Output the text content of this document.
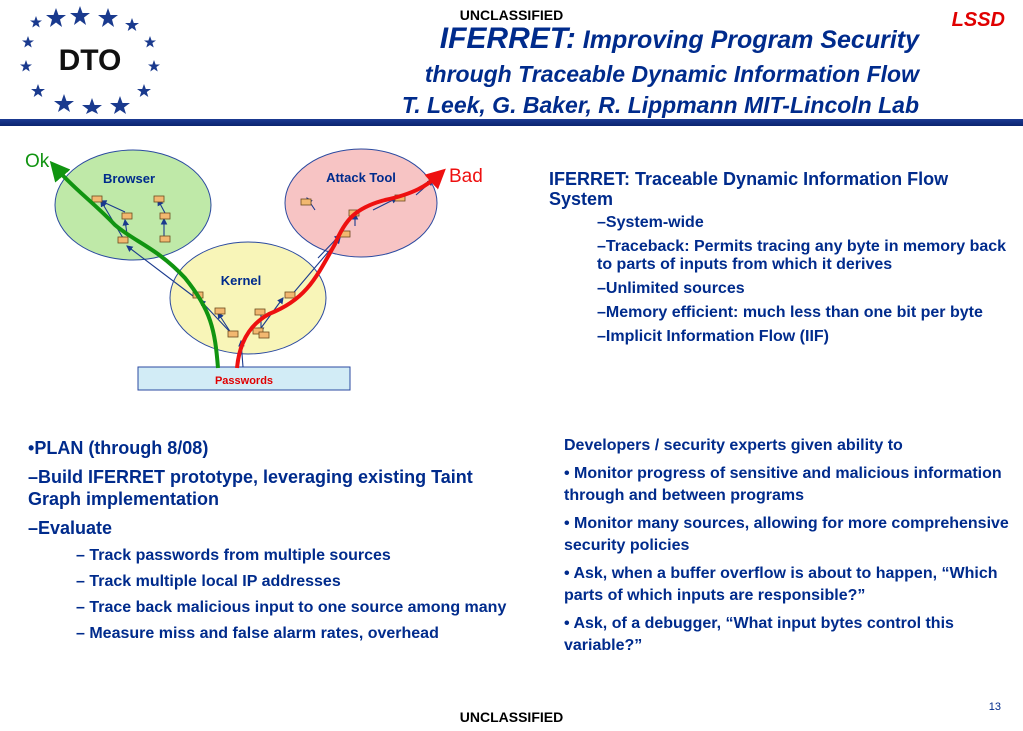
UNCLASSIFIED	LSSD
DTO
IFERRET: Improving Program Security
through Traceable Dynamic Information Flow
T. Leek, G. Baker, R. Lippmann MIT-Lincoln Lab
Browser	Attack Tool
Kernel
Passwords
Ok
Bad	IFERRET: Traceable Dynamic Information Flow System
–System-wide
–Traceback: Permits tracing any byte in memory back to parts of inputs from which it derives
–Unlimited sources
–Memory efficient: much less than one bit per byte
–Implicit Information Flow (IIF)
•PLAN (through 8/08)
–Build IFERRET prototype, leveraging existing Taint Graph implementation
–Evaluate
– Track passwords from multiple sources
– Track multiple local IP addresses
– Trace back malicious input to one source among many
– Measure miss and false alarm rates, overhead
Developers / security experts given ability to
• Monitor progress of sensitive and malicious information through and between programs
• Monitor many sources, allowing for more comprehensive security policies
• Ask, when a buffer overflow is about to happen, “Which parts of which inputs are responsible?”
• Ask, of a debugger, “What input bytes control this variable?”
13
UNCLASSIFIED
